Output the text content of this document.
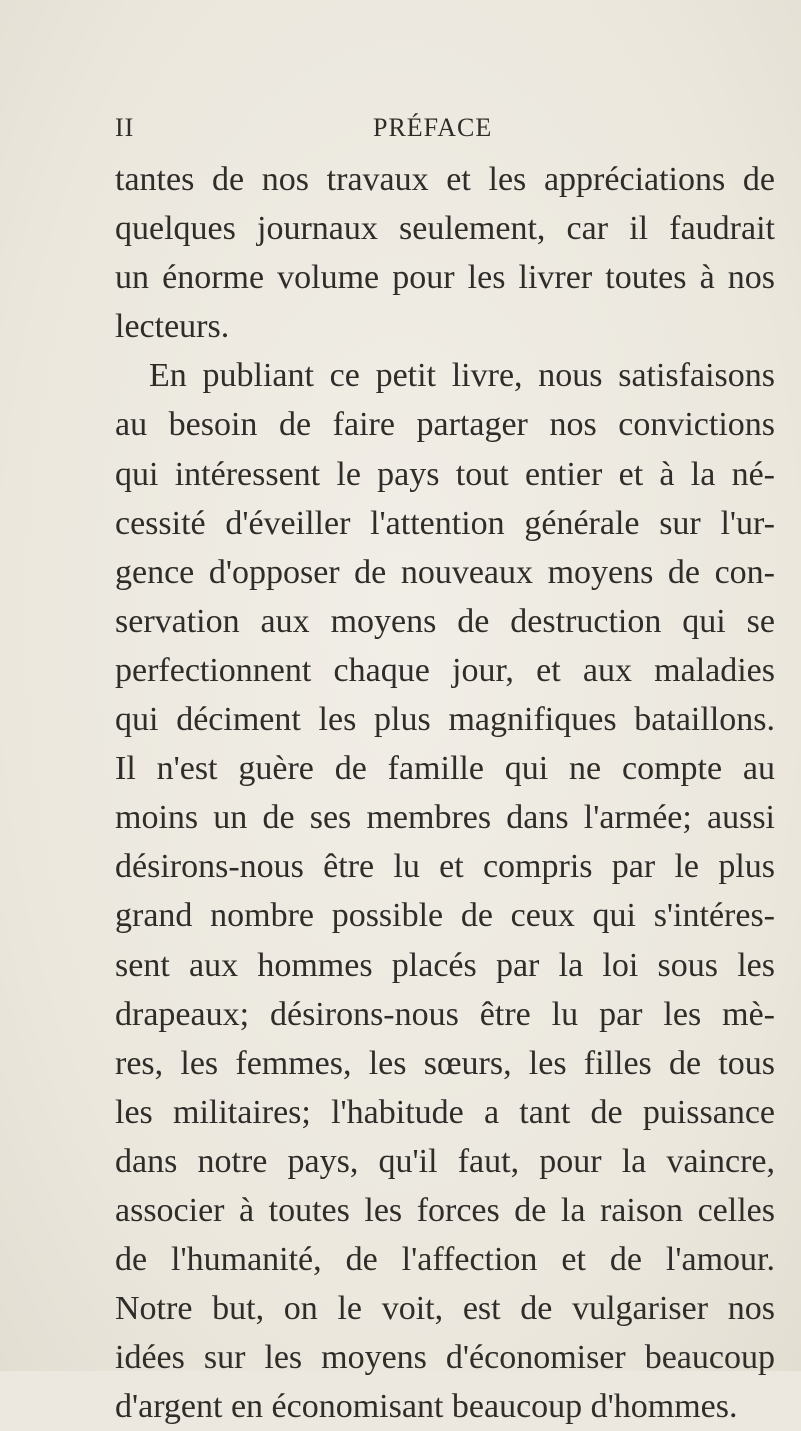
II	PRÉFACE
tantes de nos travaux et les appréciations de
quelques journaux seulement, car il faudrait
un énorme volume pour les livrer toutes à nos
lecteurs.
En publiant ce petit livre, nous satisfaisons
au besoin de faire partager nos convictions
qui intéressent le pays tout entier et à la né-
cessité d'éveiller l'attention générale sur l'ur-
gence d'opposer de nouveaux moyens de con-
servation aux moyens de destruction qui se
perfectionnent chaque jour, et aux maladies
qui déciment les plus magnifiques bataillons.
Il n'est guère de famille qui ne compte au
moins un de ses membres dans l'armée; aussi
désirons-nous être lu et compris par le plus
grand nombre possible de ceux qui s'intéres-
sent aux hommes placés par la loi sous les
drapeaux; désirons-nous être lu par les mè-
res, les femmes, les sœurs, les filles de tous
les militaires; l'habitude a tant de puissance
dans notre pays, qu'il faut, pour la vaincre,
associer à toutes les forces de la raison celles
de l'humanité, de l'affection et de l'amour.
Notre but, on le voit, est de vulgariser nos
idées sur les moyens d'économiser beaucoup
d'argent en économisant beaucoup d'hommes.
